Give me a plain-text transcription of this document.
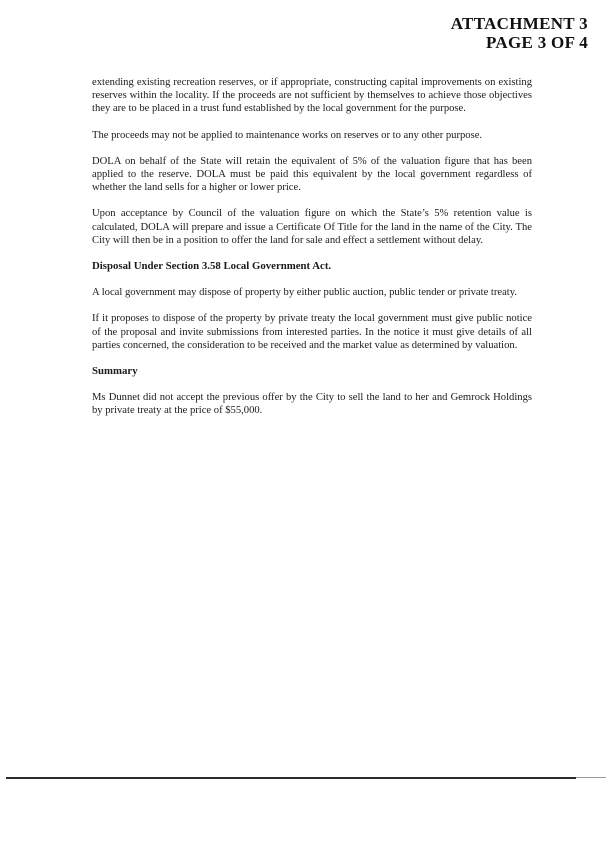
ATTACHMENT 3
PAGE 3 OF 4

extending existing recreation reserves, or if appropriate, constructing capital improvements on existing reserves within the locality. If the proceeds are not sufficient by themselves to achieve those objectives they are to be placed in a trust fund established by the local government for the purpose.

The proceeds may not be applied to maintenance works on reserves or to any other purpose.

DOLA on behalf of the State will retain the equivalent of 5% of the valuation figure that has been applied to the reserve. DOLA must be paid this equivalent by the local government regardless of whether the land sells for a higher or lower price.

Upon acceptance by Council of the valuation figure on which the State’s 5% retention value is calculated, DOLA will prepare and issue a Certificate Of Title for the land in the name of the City. The City will then be in a position to offer the land for sale and effect a settlement without delay.

Disposal Under Section 3.58 Local Government Act.

A local government may dispose of property by either public auction, public tender or private treaty.

If it proposes to dispose of the property by private treaty the local government must give public notice of the proposal and invite submissions from interested parties. In the notice it must give details of all parties concerned, the consideration to be received and the market value as determined by valuation.

Summary

Ms Dunnet did not accept the previous offer by the City to sell the land to her and Gemrock Holdings by private treaty at the price of $55,000.
